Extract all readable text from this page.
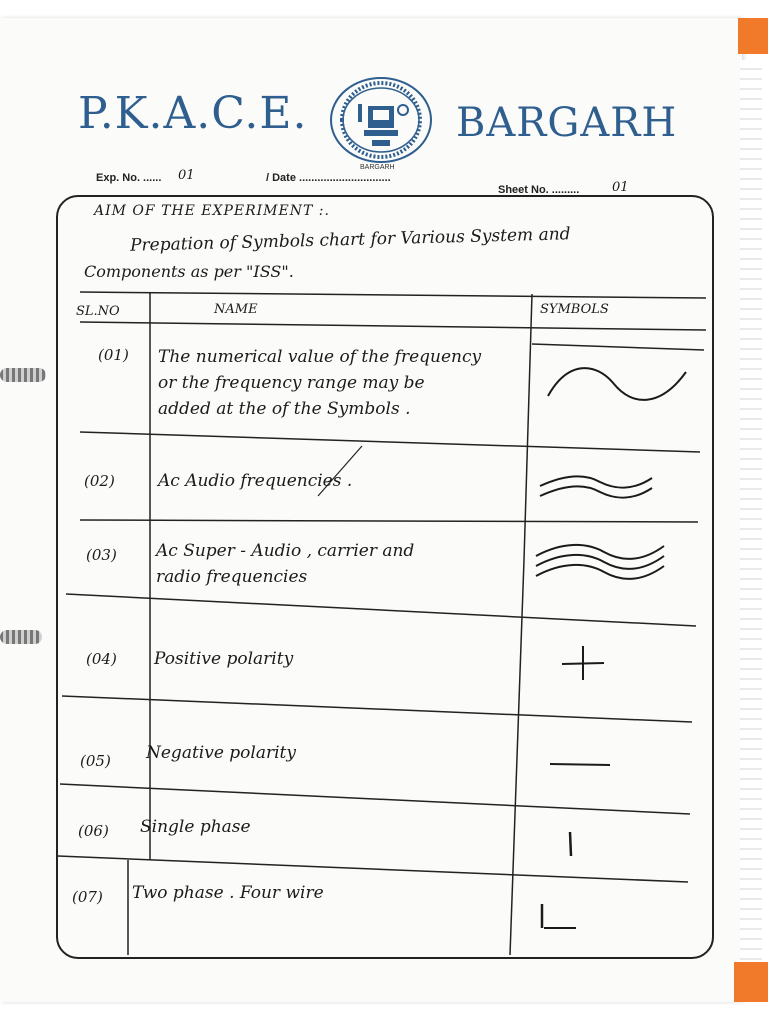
P.K.A.C.E.	BARGARH
BARGARH
Exp. No. ...... 01	/ Date ..............................
Sheet No. .........	01
AIM OF THE EXPERIMENT :.
Prepation of Symbols chart for Various System and
Components as per "ISS".
SL.NO	NAME	SYMBOLS
(01) The numerical value of the frequency
or the frequency range may be
added at the of the Symbols .
(02)	Ac Audio frequencies .
(03) Ac Super - Audio , carrier and
radio frequencies
(04) Positive polarity
(05) Negative polarity
(06) Single phase
(07) Two phase . Four wire
